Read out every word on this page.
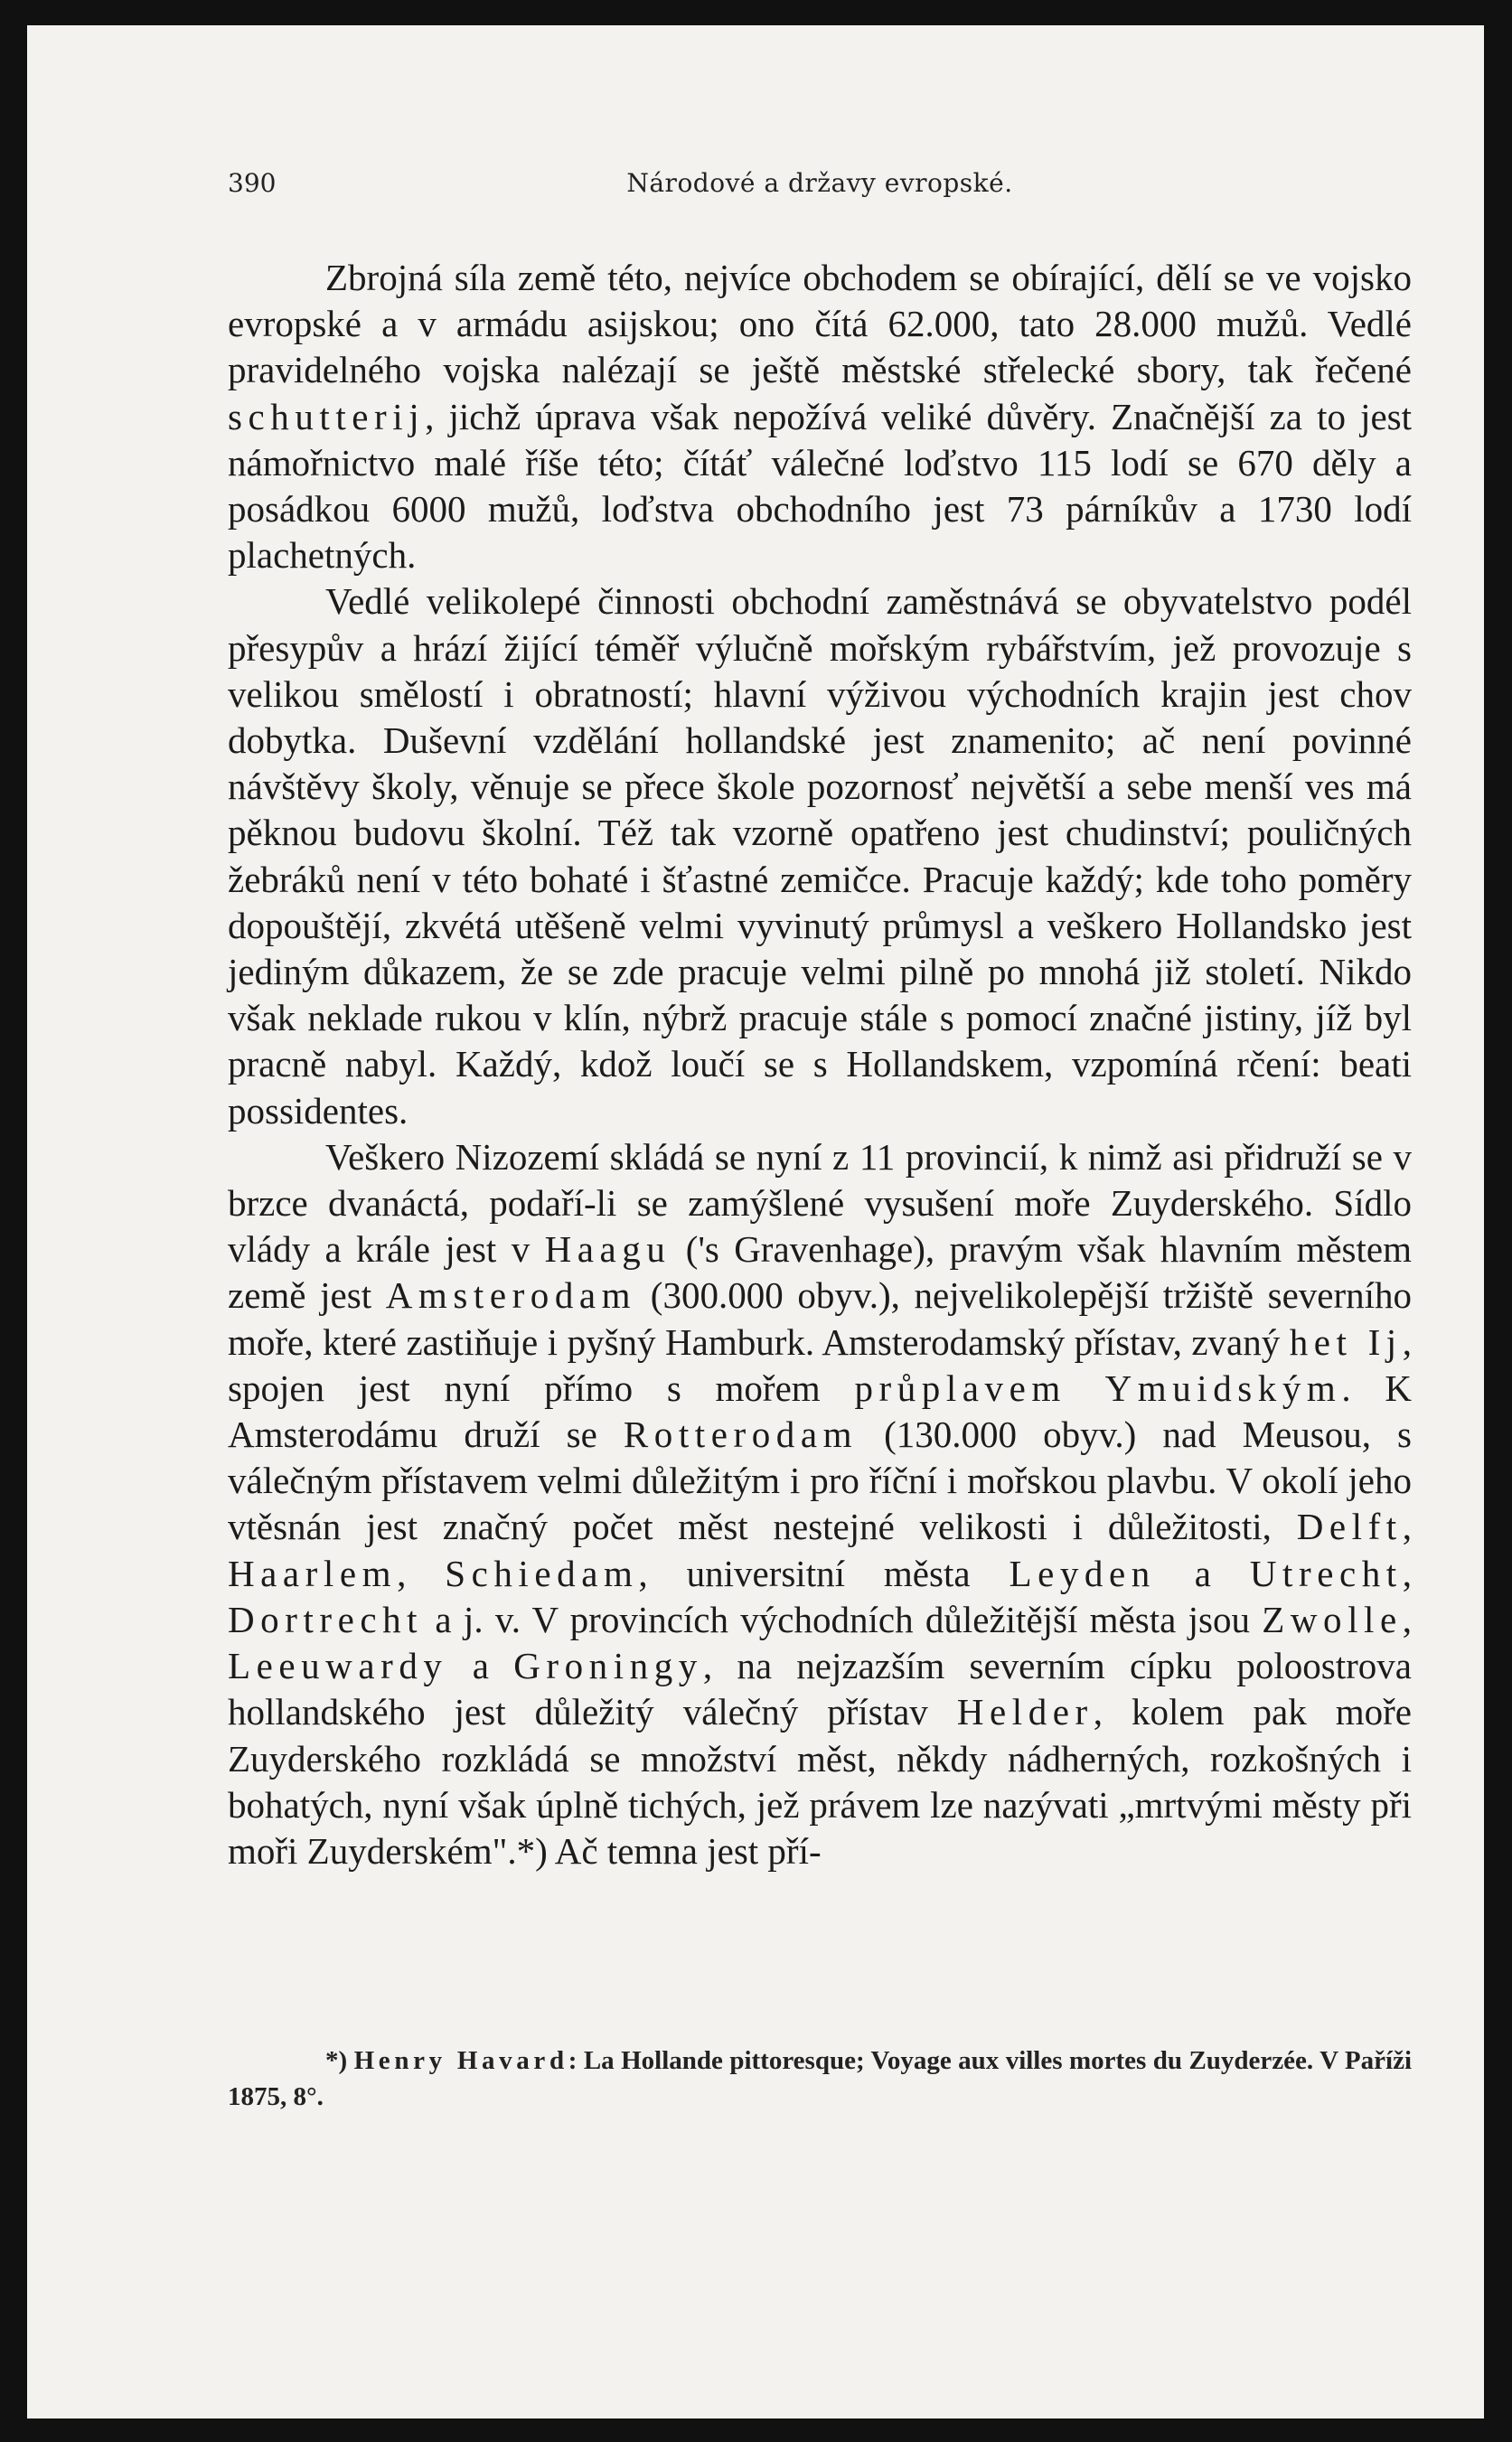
390	Národové a državy evropské.

Zbrojná síla země této, nejvíce obchodem se obírající, dělí se ve vojsko evropské a v armádu asijskou; ono čítá 62.000, tato 28.000 mužů. Vedlé pravidelného vojska nalézají se ještě městské střelecké sbory, tak řečené schutterij, jichž úprava však nepožívá veliké důvěry. Značnější za to jest námořnictvo malé říše této; čítáť válečné loďstvo 115 lodí se 670 děly a posádkou 6000 mužů, loďstva obchodního jest 73 párníkův a 1730 lodí plachetných.

Vedlé velikolepé činnosti obchodní zaměstnává se obyvatelstvo podél přesypův a hrází žijící téměř výlučně mořským rybářstvím, jež provozuje s velikou smělostí i obratností; hlavní výživou východních krajin jest chov dobytka. Duševní vzdělání hollandské jest znamenito; ač není povinné návštěvy školy, věnuje se přece škole pozornosť největší a sebe menší ves má pěknou budovu školní. Též tak vzorně opatřeno jest chudinství; pouličných žebráků není v této bohaté i šťastné zemičce. Pracuje každý; kde toho poměry dopouštějí, zkvétá utěšeně velmi vyvinutý průmysl a veškero Hollandsko jest jediným důkazem, že se zde pracuje velmi pilně po mnohá již století. Nikdo však neklade rukou v klín, nýbrž pracuje stále s pomocí značné jistiny, jíž byl pracně nabyl. Každý, kdož loučí se s Hollandskem, vzpomíná rčení: beati possidentes.

Veškero Nizozemí skládá se nyní z 11 provincií, k nimž asi přidruží se v brzce dvanáctá, podaří-li se zamýšlené vysušení moře Zuyderského. Sídlo vlády a krále jest v Haagu ('s Gravenhage), pravým však hlavním městem země jest Amsterodam (300.000 obyv.), nejvelikolepější tržiště severního moře, které zastiňuje i pyšný Hamburk. Amsterodamský přístav, zvaný het Ij, spojen jest nyní přímo s mořem průplavem Ymuidským. K Amsterodámu druží se Rotterodam (130.000 obyv.) nad Meusou, s válečným přístavem velmi důležitým i pro říční i mořskou plavbu. V okolí jeho vtěsnán jest značný počet měst nestejné velikosti i důležitosti, Delft, Haarlem, Schiedam, universitní města Leyden a Utrecht, Dortrecht a j. v. V provincích východních důležitější města jsou Zwolle, Leeuwardy a Groningy, na nejzazším severním cípku poloostrova hollandského jest důležitý válečný přístav Helder, kolem pak moře Zuyderského rozkládá se množství měst, někdy nádherných, rozkošných i bohatých, nyní však úplně tichých, jež právem lze nazývati „mrtvými městy při moři Zuyderském".*) Ač temna jest pří-

*) Henry Havard: La Hollande pittoresque; Voyage aux villes mortes du Zuyderzée. V Paříži 1875, 8°.
